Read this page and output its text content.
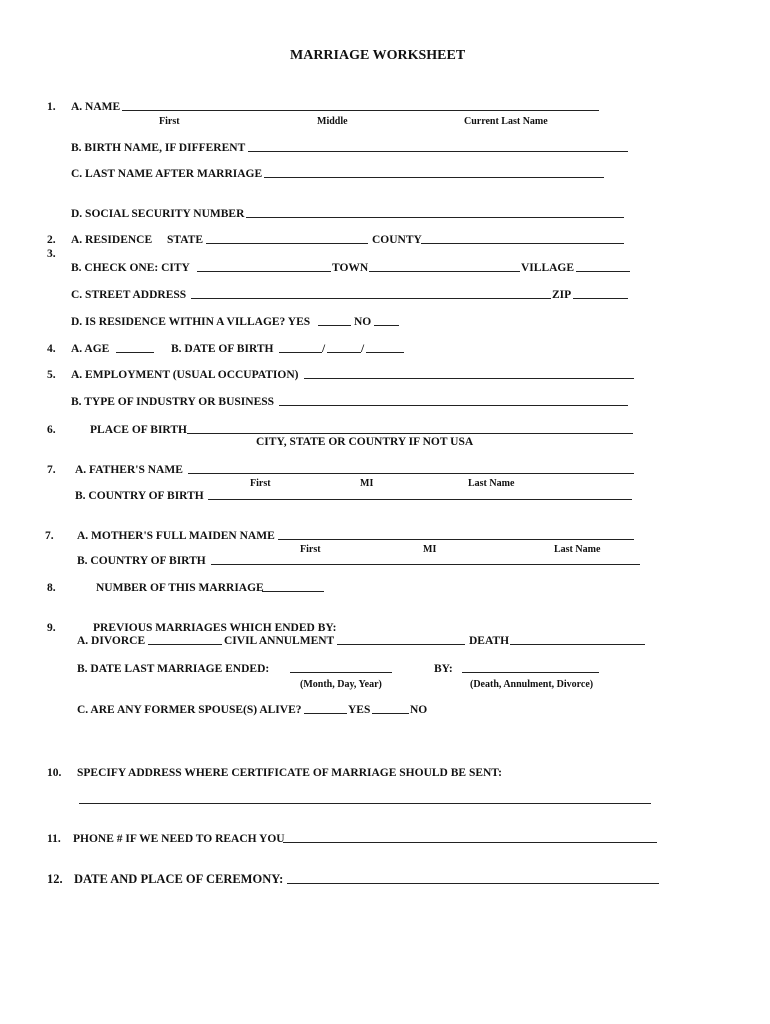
MARRIAGE WORKSHEET
1. A. NAME
First	Middle	Current Last Name
B. BIRTH NAME, IF DIFFERENT
C. LAST NAME AFTER MARRIAGE
D. SOCIAL SECURITY NUMBER
2.
3.
A. RESIDENCE STATE	COUNTY
B. CHECK ONE: CITY	TOWN	VILLAGE
C. STREET ADDRESS	ZIP
D. IS RESIDENCE WITHIN A VILLAGE? YES	NO
4. A. AGE	B. DATE OF BIRTH	/	/
5. A. EMPLOYMENT (USUAL OCCUPATION)
B. TYPE OF INDUSTRY OR BUSINESS
6.	PLACE OF BIRTH
CITY, STATE OR COUNTRY IF NOT USA
7. A. FATHER'S NAME
First	MI	Last Name
B. COUNTRY OF BIRTH
7. A. MOTHER'S FULL MAIDEN NAME
First	MI	Last Name
B. COUNTRY OF BIRTH
8.	NUMBER OF THIS MARRIAGE
9.	PREVIOUS MARRIAGES WHICH ENDED BY:
A. DIVORCE	CIVIL ANNULMENT	DEATH
B. DATE LAST MARRIAGE ENDED:
(Month, Day, Year)
BY:
(Death, Annulment, Divorce)
C. ARE ANY FORMER SPOUSE(S) ALIVE?	YES	NO
10. SPECIFY ADDRESS WHERE CERTIFICATE OF MARRIAGE SHOULD BE SENT:
11. PHONE # IF WE NEED TO REACH YOU
12. DATE AND PLACE OF CEREMONY:
